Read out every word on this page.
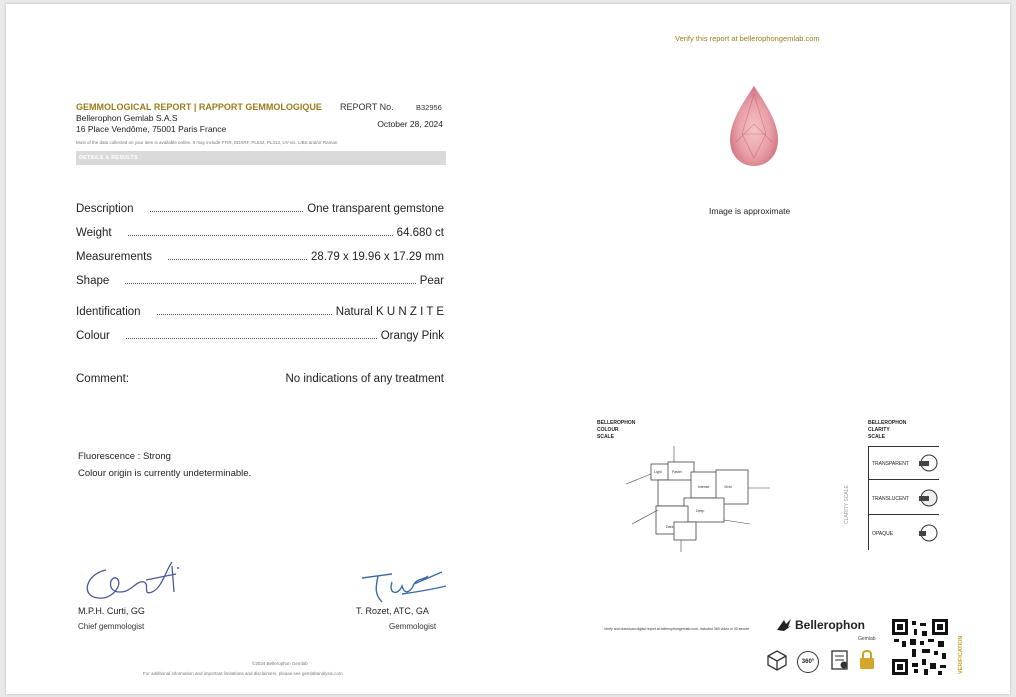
Verify this report at bellerophongemlab.com
GEMMOLOGICAL REPORT | RAPPORT GEMMOLOGIQUE REPORT No.	B32956
Bellerophon Gemlab S.A.S
16 Place Vendôme, 75001 Paris France	October 28, 2024
Most of the data collected on your item is available online. It may include FTIR, EDXRF, PL532, PL313, UV-vis, LIBS and/or Raman
DETAILS & RESULTS
Description	One transparent gemstone
Weight	64.680 ct
Measurements	28.79 x 19.96 x 17.29 mm
Shape	Pear
Identification	Natural K U N Z I T E
Colour	Orangy Pink
Comment:	No indications of any treatment
Fluorescence : Strong
Colour origin is currently undeterminable.
M.P.H. Curti, GG
Chief gemmologist
T. Rozet, ATC, GA
Gemmologist
©2024 Bellerophon Gemlab
For additional information and important limitations and disclaimers, please see gemlabanalysis.com
Image is approximate
BELLEROPHON
COLOUR
SCALE
Light	Pastel
Vivid
Deep
Dark
Intense
BELLEROPHON
CLARITY
SCALE
CLARITY SCALE
TRANSPARENT
TRANSLUCENT
OPAQUE
Verify and download digital report at bellerophongemlab.com, included 360 video in 30 secure	Bellerophon
Gemlab
360°	VERIFICATION
